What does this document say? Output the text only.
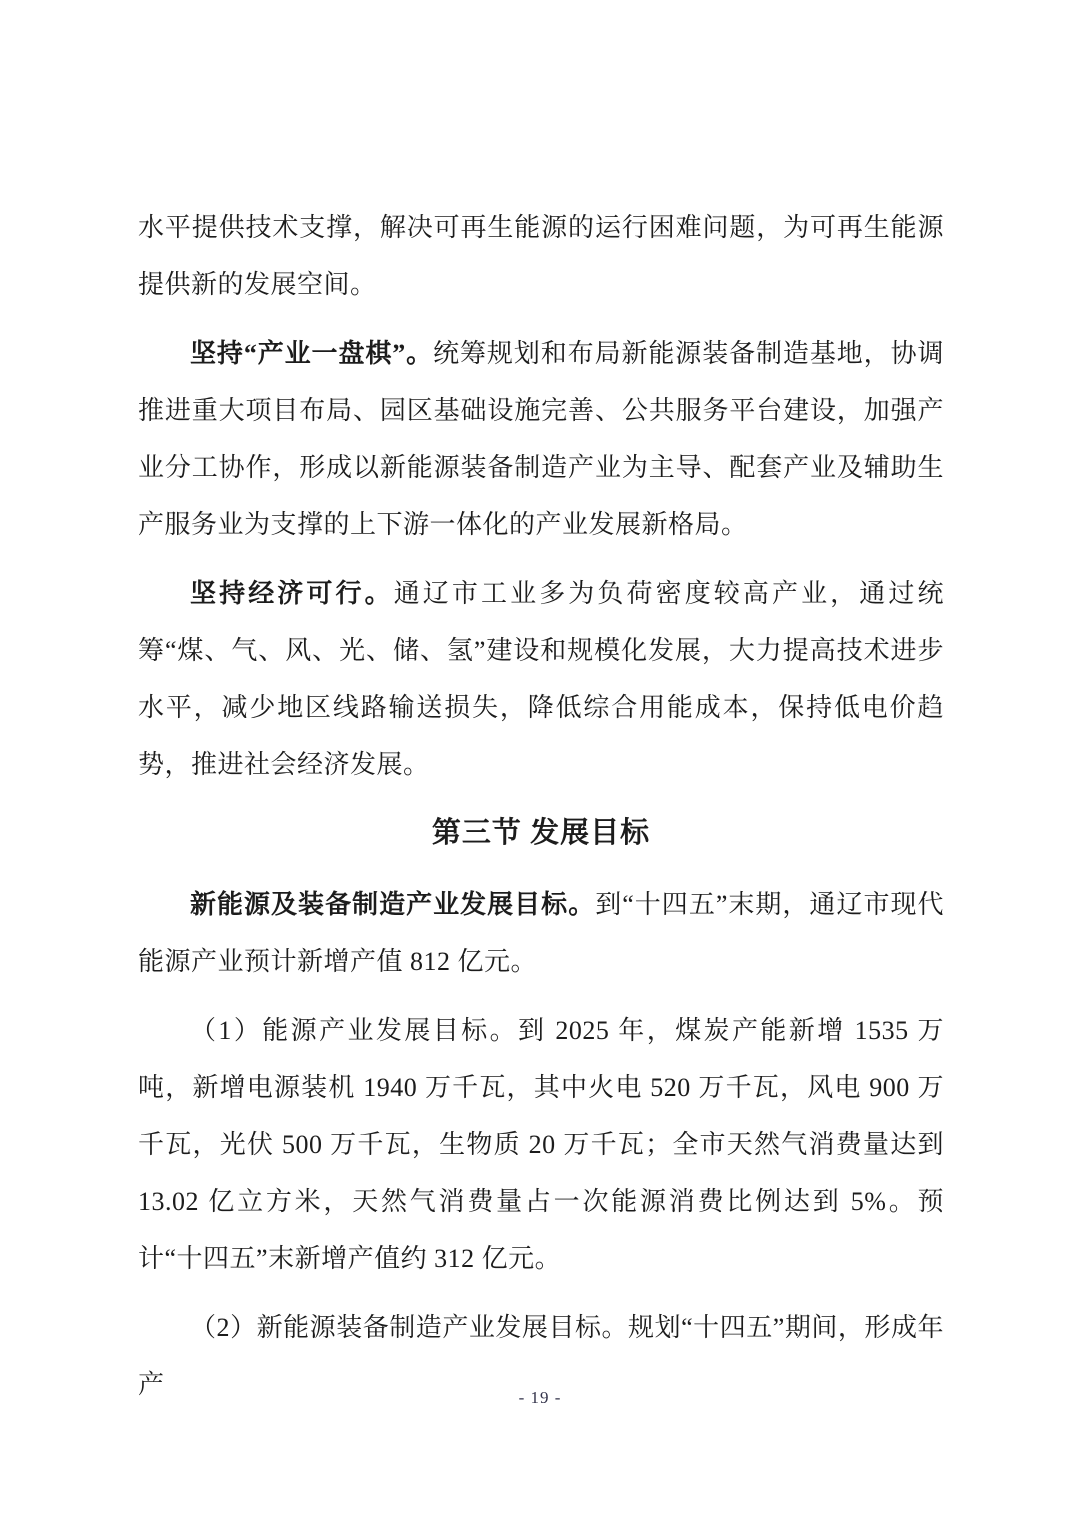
水平提供技术支撑，解决可再生能源的运行困难问题，为可再生能源提供新的发展空间。

坚持“产业一盘棋”。统筹规划和布局新能源装备制造基地，协调推进重大项目布局、园区基础设施完善、公共服务平台建设，加强产业分工协作，形成以新能源装备制造产业为主导、配套产业及辅助生产服务业为支撑的上下游一体化的产业发展新格局。

坚持经济可行。通辽市工业多为负荷密度较高产业，通过统筹“煤、气、风、光、储、氢”建设和规模化发展，大力提高技术进步水平，减少地区线路输送损失，降低综合用能成本，保持低电价趋势，推进社会经济发展。

第三节 发展目标

新能源及装备制造产业发展目标。到“十四五”末期，通辽市现代能源产业预计新增产值 812 亿元。

（1）能源产业发展目标。到 2025 年，煤炭产能新增 1535 万吨，新增电源装机 1940 万千瓦，其中火电 520 万千瓦，风电 900 万千瓦，光伏 500 万千瓦，生物质 20 万千瓦；全市天然气消费量达到 13.02 亿立方米，天然气消费量占一次能源消费比例达到 5%。预计“十四五”末新增产值约 312 亿元。

（2）新能源装备制造产业发展目标。规划“十四五”期间，形成年产	- 19 -
